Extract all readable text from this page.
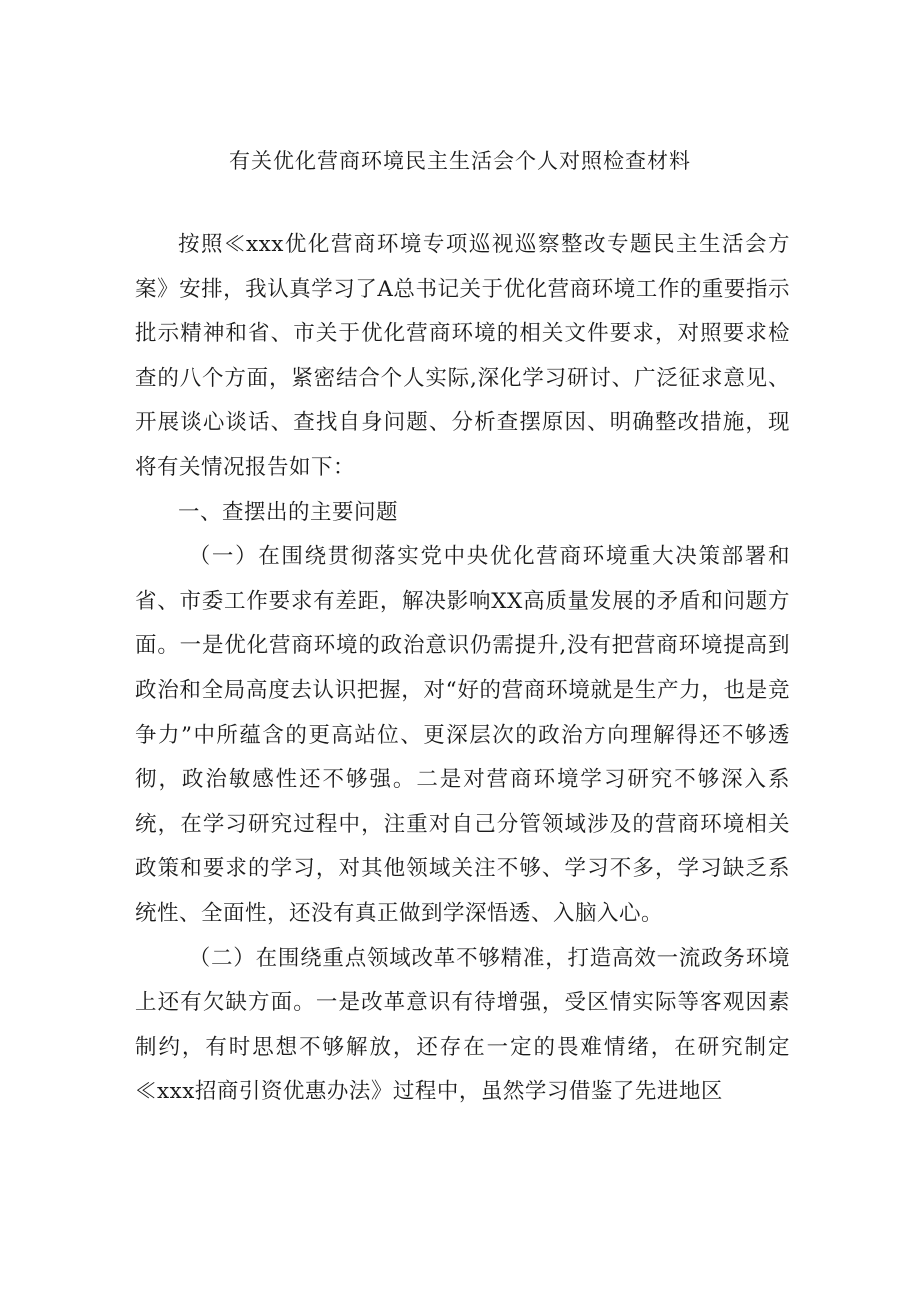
有关优化营商环境民主生活会个人对照检查材料

按照≪xxx优化营商环境专项巡视巡察整改专题民主生活会方案》安排，我认真学习了A总书记关于优化营商环境工作的重要指示批示精神和省、市关于优化营商环境的相关文件要求，对照要求检查的八个方面，紧密结合个人实际,深化学习研讨、广泛征求意见、开展谈心谈话、查找自身问题、分析查摆原因、明确整改措施，现将有关情况报告如下：

一、查摆出的主要问题

（一）在围绕贯彻落实党中央优化营商环境重大决策部署和省、市委工作要求有差距，解决影响XX高质量发展的矛盾和问题方面。一是优化营商环境的政治意识仍需提升,没有把营商环境提高到政治和全局高度去认识把握，对“好的营商环境就是生产力，也是竞争力”中所蕴含的更高站位、更深层次的政治方向理解得还不够透彻，政治敏感性还不够强。二是对营商环境学习研究不够深入系统，在学习研究过程中，注重对自己分管领域涉及的营商环境相关政策和要求的学习，对其他领域关注不够、学习不多，学习缺乏系统性、全面性，还没有真正做到学深悟透、入脑入心。

（二）在围绕重点领域改革不够精准，打造高效一流政务环境上还有欠缺方面。一是改革意识有待增强，受区情实际等客观因素制约，有时思想不够解放，还存在一定的畏难情绪，在研究制定≪xxx招商引资优惠办法》过程中，虽然学习借鉴了先进地区
